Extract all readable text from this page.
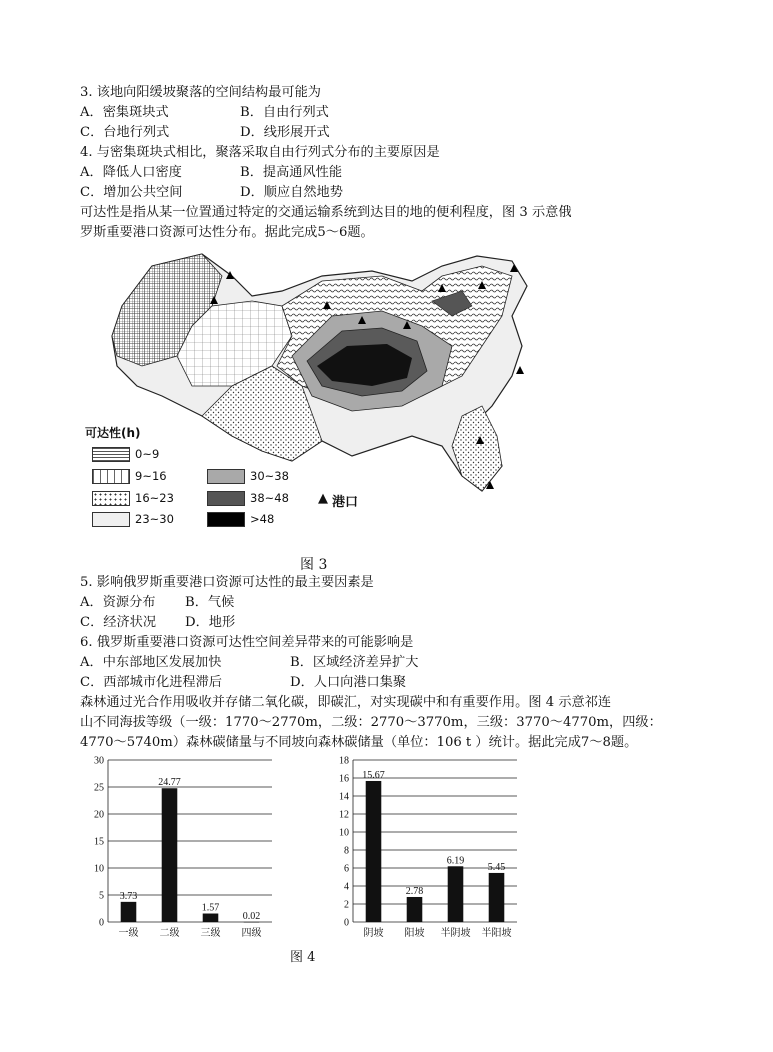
3. 该地向阳缓坡聚落的空间结构最可能为
A．密集斑块式	B．自由行列式
C．台地行列式	D．线形展开式
4. 与密集斑块式相比，聚落采取自由行列式分布的主要原因是
A．降低人口密度	B．提高通风性能
C．增加公共空间	D．顺应自然地势
可达性是指从某一位置通过特定的交通运输系统到达目的地的便利程度，图 3 示意俄
罗斯重要港口资源可达性分布。据此完成5～6题。
可达性(h)
0~9
9~16
16~23
23~30
30~38
38~48
>48
▲ 港口
图 3
5. 影响俄罗斯重要港口资源可达性的最主要因素是
A．资源分布 B．气候
C．经济状况 D．地形
6. 俄罗斯重要港口资源可达性空间差异带来的可能影响是
A．中东部地区发展加快	B．区域经济差异扩大
C．西部城市化进程滞后	D．人口向港口集聚
森林通过光合作用吸收并存储二氧化碳，即碳汇，对实现碳中和有重要作用。图 4 示意祁连
山不同海拔等级（一级：1770～2770m，二级：2770～3770m，三级：3770～4770m，四级：
4770～5740m）森林碳储量与不同坡向森林碳储量（单位：106 t ）统计。据此完成7～8题。
0
5
10
15
20
25
30
3.73
一级
24.77
二级
1.57
三级
0.02
四级
0
2
4
6
8
10
12
14
16
18
15.67
阴坡
2.78
阳坡
6.19
半阴坡
5.45
半阳坡
图 4
